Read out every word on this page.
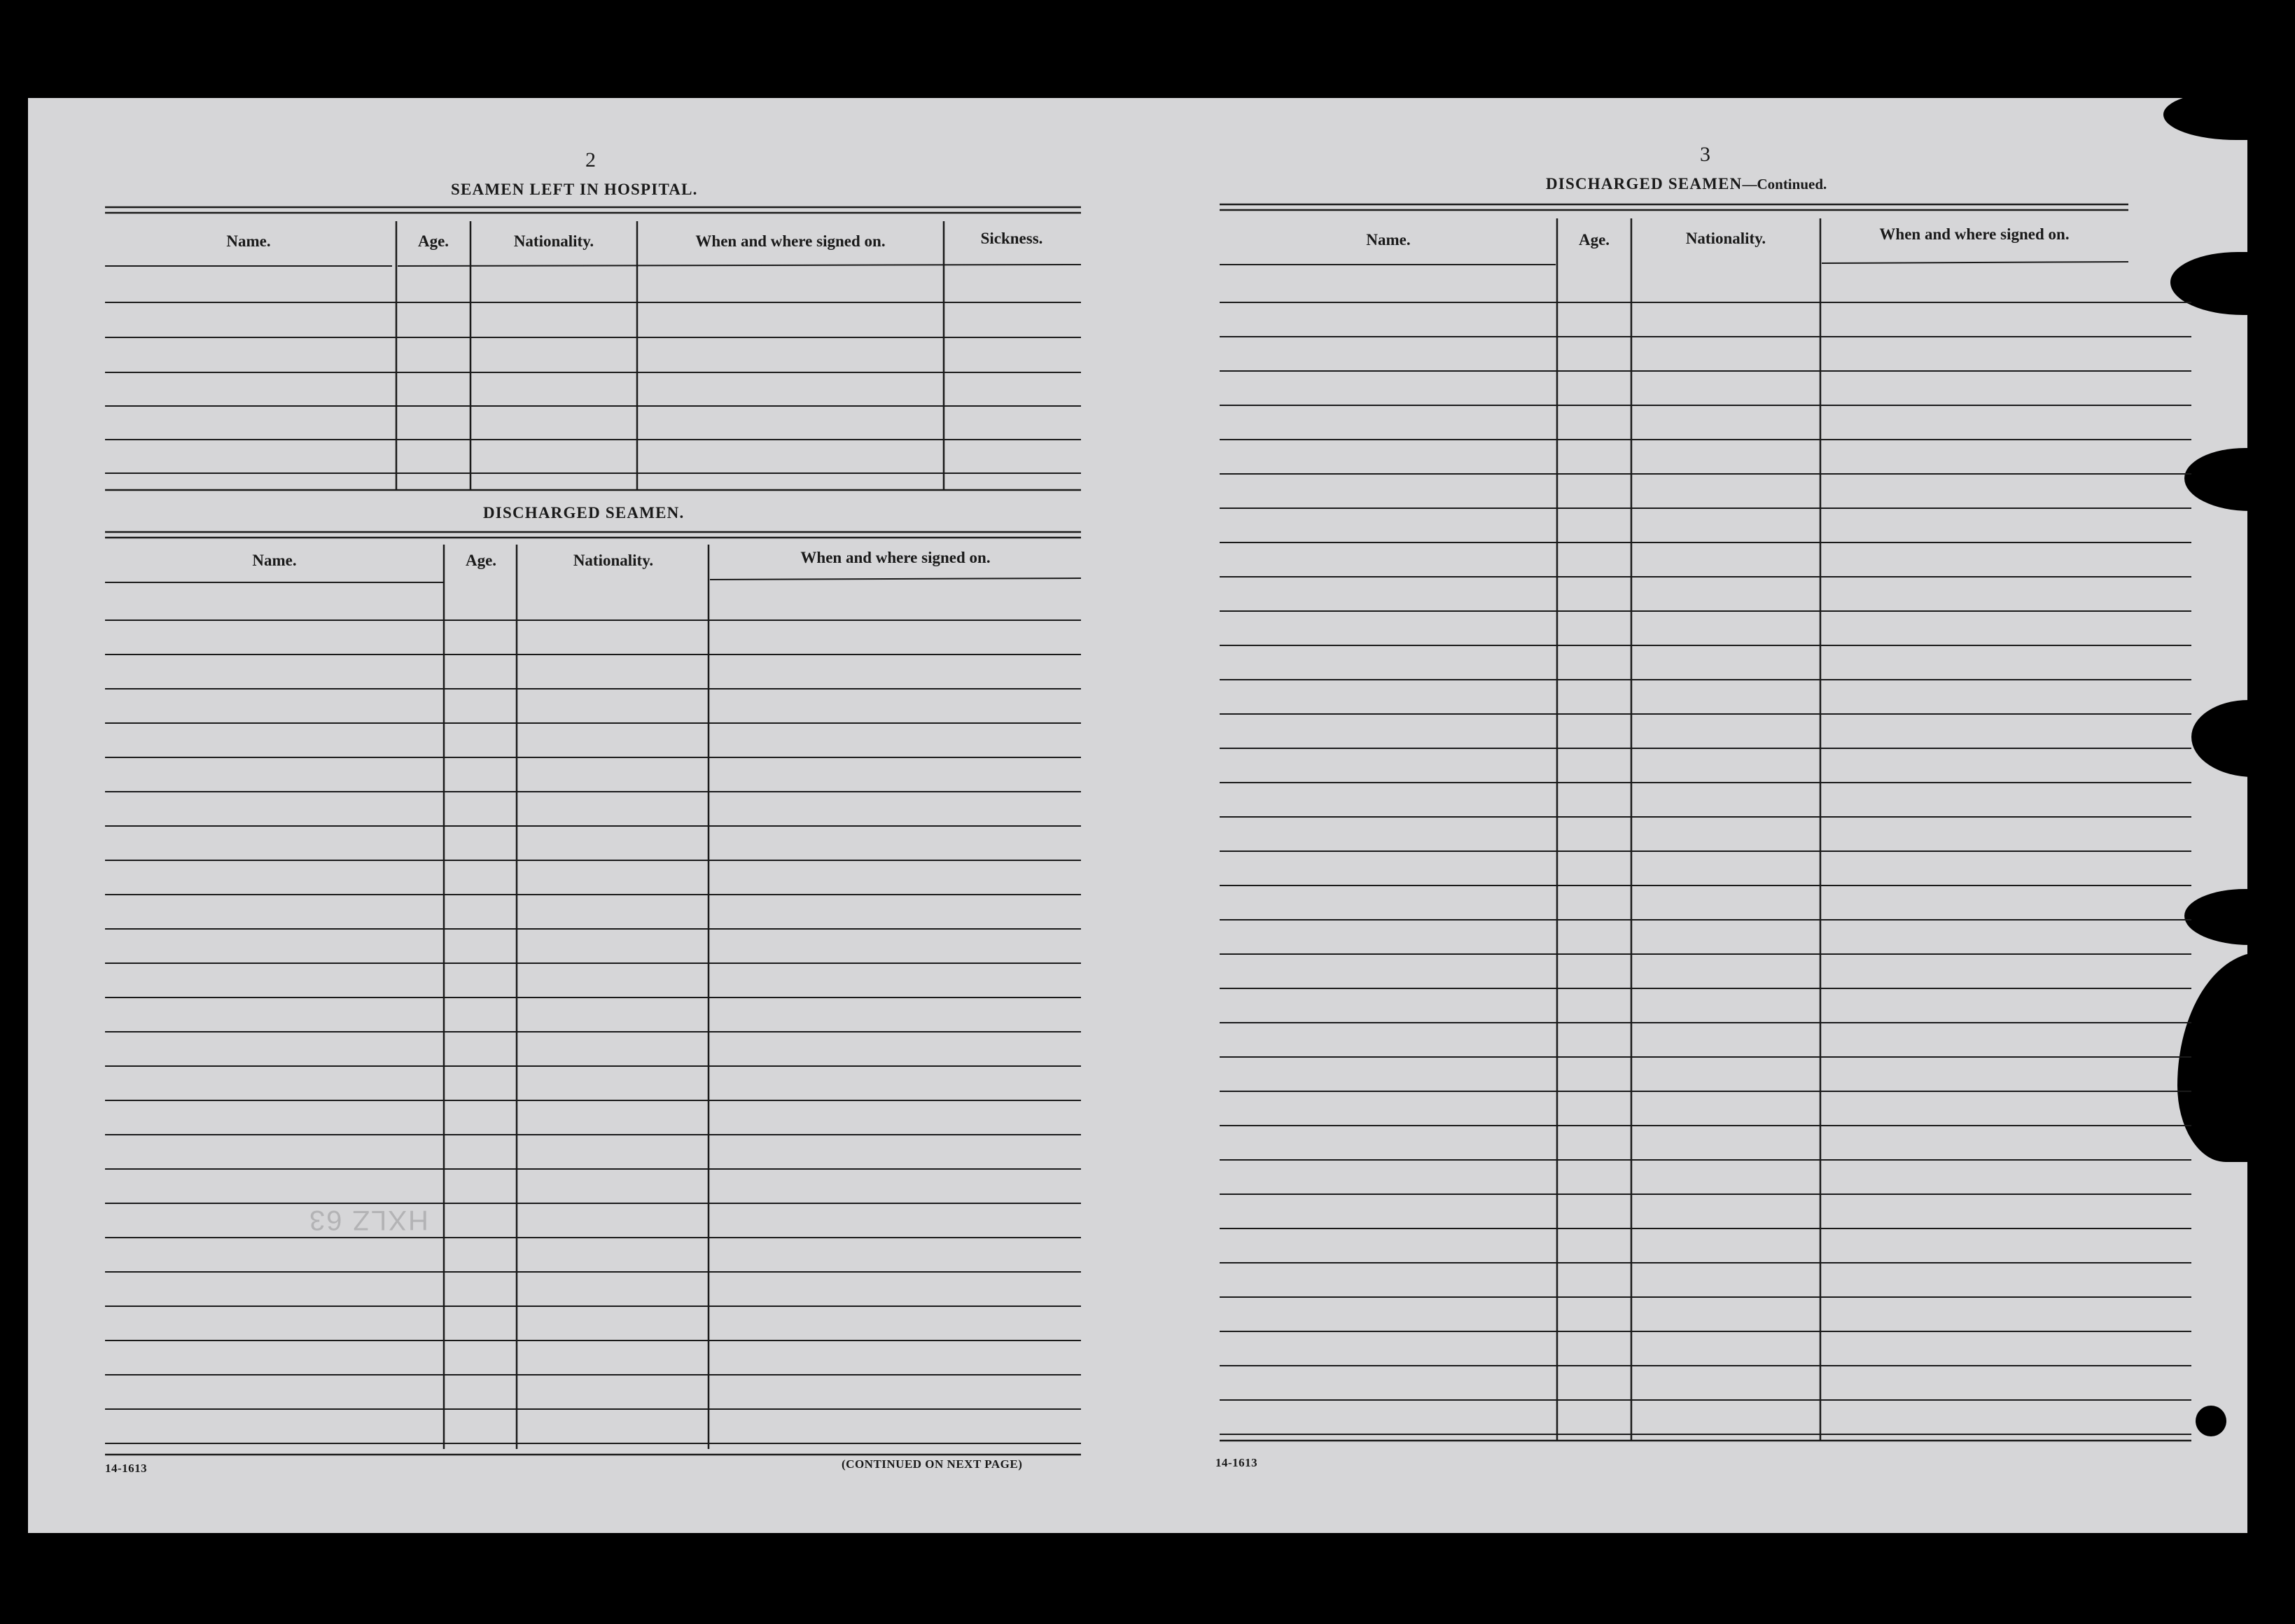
2
SEAMEN LEFT IN HOSPITAL.
Name.	Age.	Nationality.	When and where signed on.	Sickness.
DISCHARGED SEAMEN.
Name.	Age.	Nationality.	When and where signed on.
HXLZ 63
14-1613	(CONTINUED ON NEXT PAGE)
3
DISCHARGED SEAMEN—Continued.
Name.	Age.	Nationality.	When and where signed on.
14-1613
